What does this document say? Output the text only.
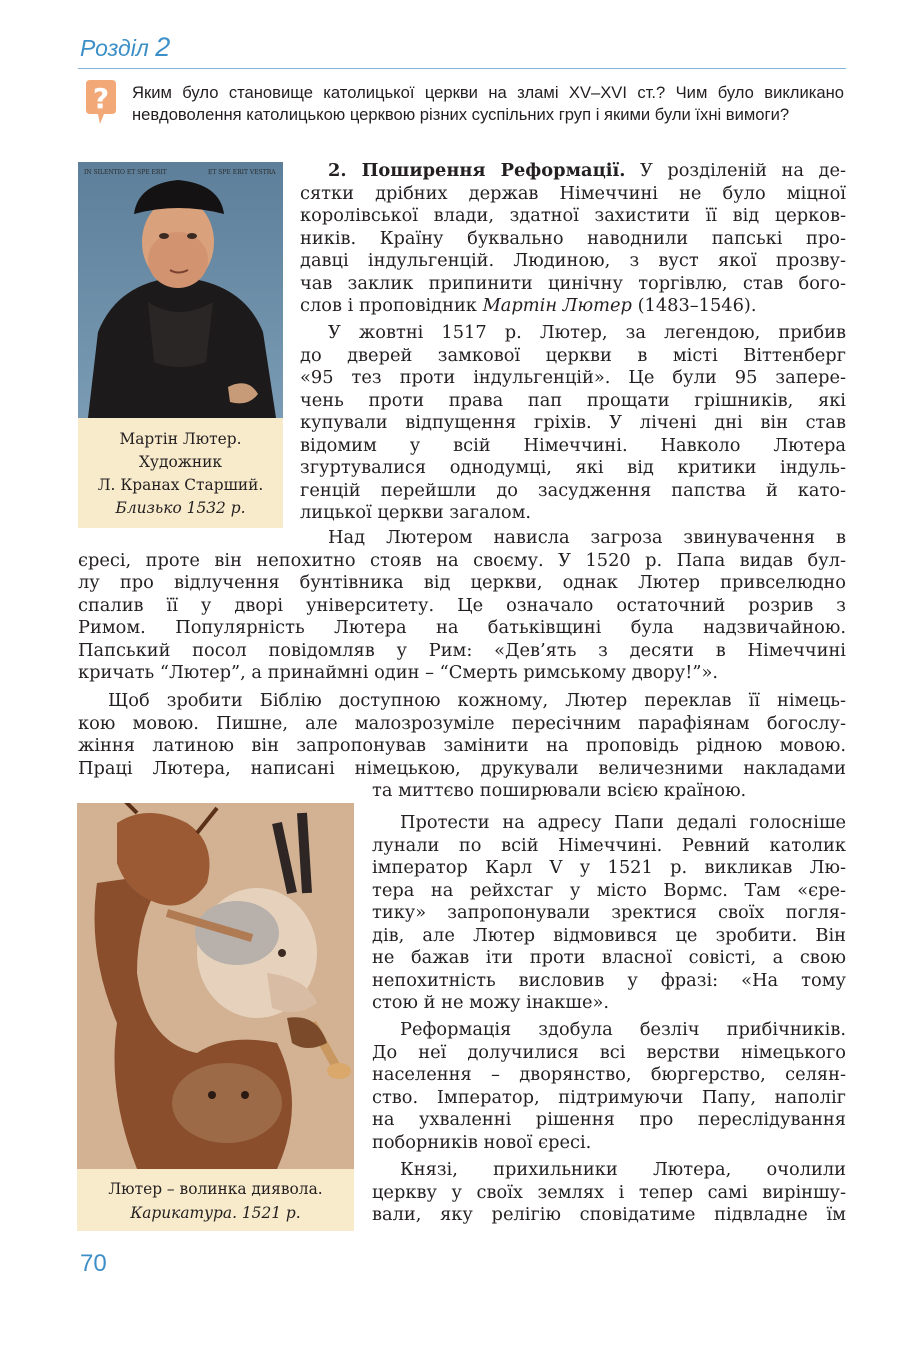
Розділ 2
? Яким було становище католицької церкви на зламі XV–XVI ст.? Чим було викликано невдоволення католицькою церквою різних суспільних груп і якими були їхні вимоги?
IN SILENTIO ET SPE ERIT	ET SPE ERIT VESTRA
Мартін Лютер.
Художник
Л. Кранах Старший.
Близько 1532 р.
2. Поширення Реформації. У розділеній на де-
сятки дрібних держав Німеччині не було міцної
королівської влади, здатної захистити її від церков-
ників. Країну буквально наводнили папські про-
давці індульгенцій. Людиною, з вуст якої прозву-
чав заклик припинити цинічну торгівлю, став бого-
слов і проповідник Мартін Лютер (1483–1546).
У жовтні 1517 р. Лютер, за легендою, прибив
до дверей замкової церкви в місті Віттенберг
«95 тез проти індульгенцій». Це були 95 запере-
чень проти права пап прощати грішників, які
купували відпущення гріхів. У лічені дні він став
відомим у всій Німеччині. Навколо Лютера
згуртувалися однодумці, які від критики індуль-
генцій перейшли до засудження папства й като-
лицької церкви загалом.
Над Лютером нависла загроза звинувачення в
єресі, проте він непохитно стояв на своєму. У 1520 р. Папа видав бул-
лу про відлучення бунтівника від церкви, однак Лютер привселюдно
спалив її у дворі університету. Це означало остаточний розрив з
Римом. Популярність Лютера на батьківщині була надзвичайною.
Папський посол повідомляв у Рим: «Дев’ять з десяти в Німеччині
кричать “Лютер”, а принаймні один – “Смерть римському двору!”».
Щоб зробити Біблію доступною кожному, Лютер переклав її німець-
кою мовою. Пишне, але малозрозуміле пересічним парафіянам богослу-
жіння латиною він запропонував замінити на проповідь рідною мовою.
Праці Лютера, написані німецькою, друкували величезними накладами
та миттєво поширювали всією країною.
Лютер – волинка диявола.
Карикатура. 1521 р.
Протести на адресу Папи дедалі голосніше
лунали по всій Німеччині. Ревний католик
імператор Карл V у 1521 р. викликав Лю-
тера на рейхстаг у місто Вормс. Там «єре-
тику» запропонували зректися своїх погля-
дів, але Лютер відмовився це зробити. Він
не бажав іти проти власної совісті, а свою
непохитність висловив у фразі: «На тому
стою й не можу інакше».
Реформація здобула безліч прибічників.
До неї долучилися всі верстви німецького
населення – дворянство, бюргерство, селян-
ство. Імператор, підтримуючи Папу, наполіг
на ухваленні рішення про переслідування
поборників нової єресі.
Князі, прихильники Лютера, очолили
церкву у своїх землях і тепер самі виріншу-
вали, яку релігію сповідатиме підвладне їм
70
